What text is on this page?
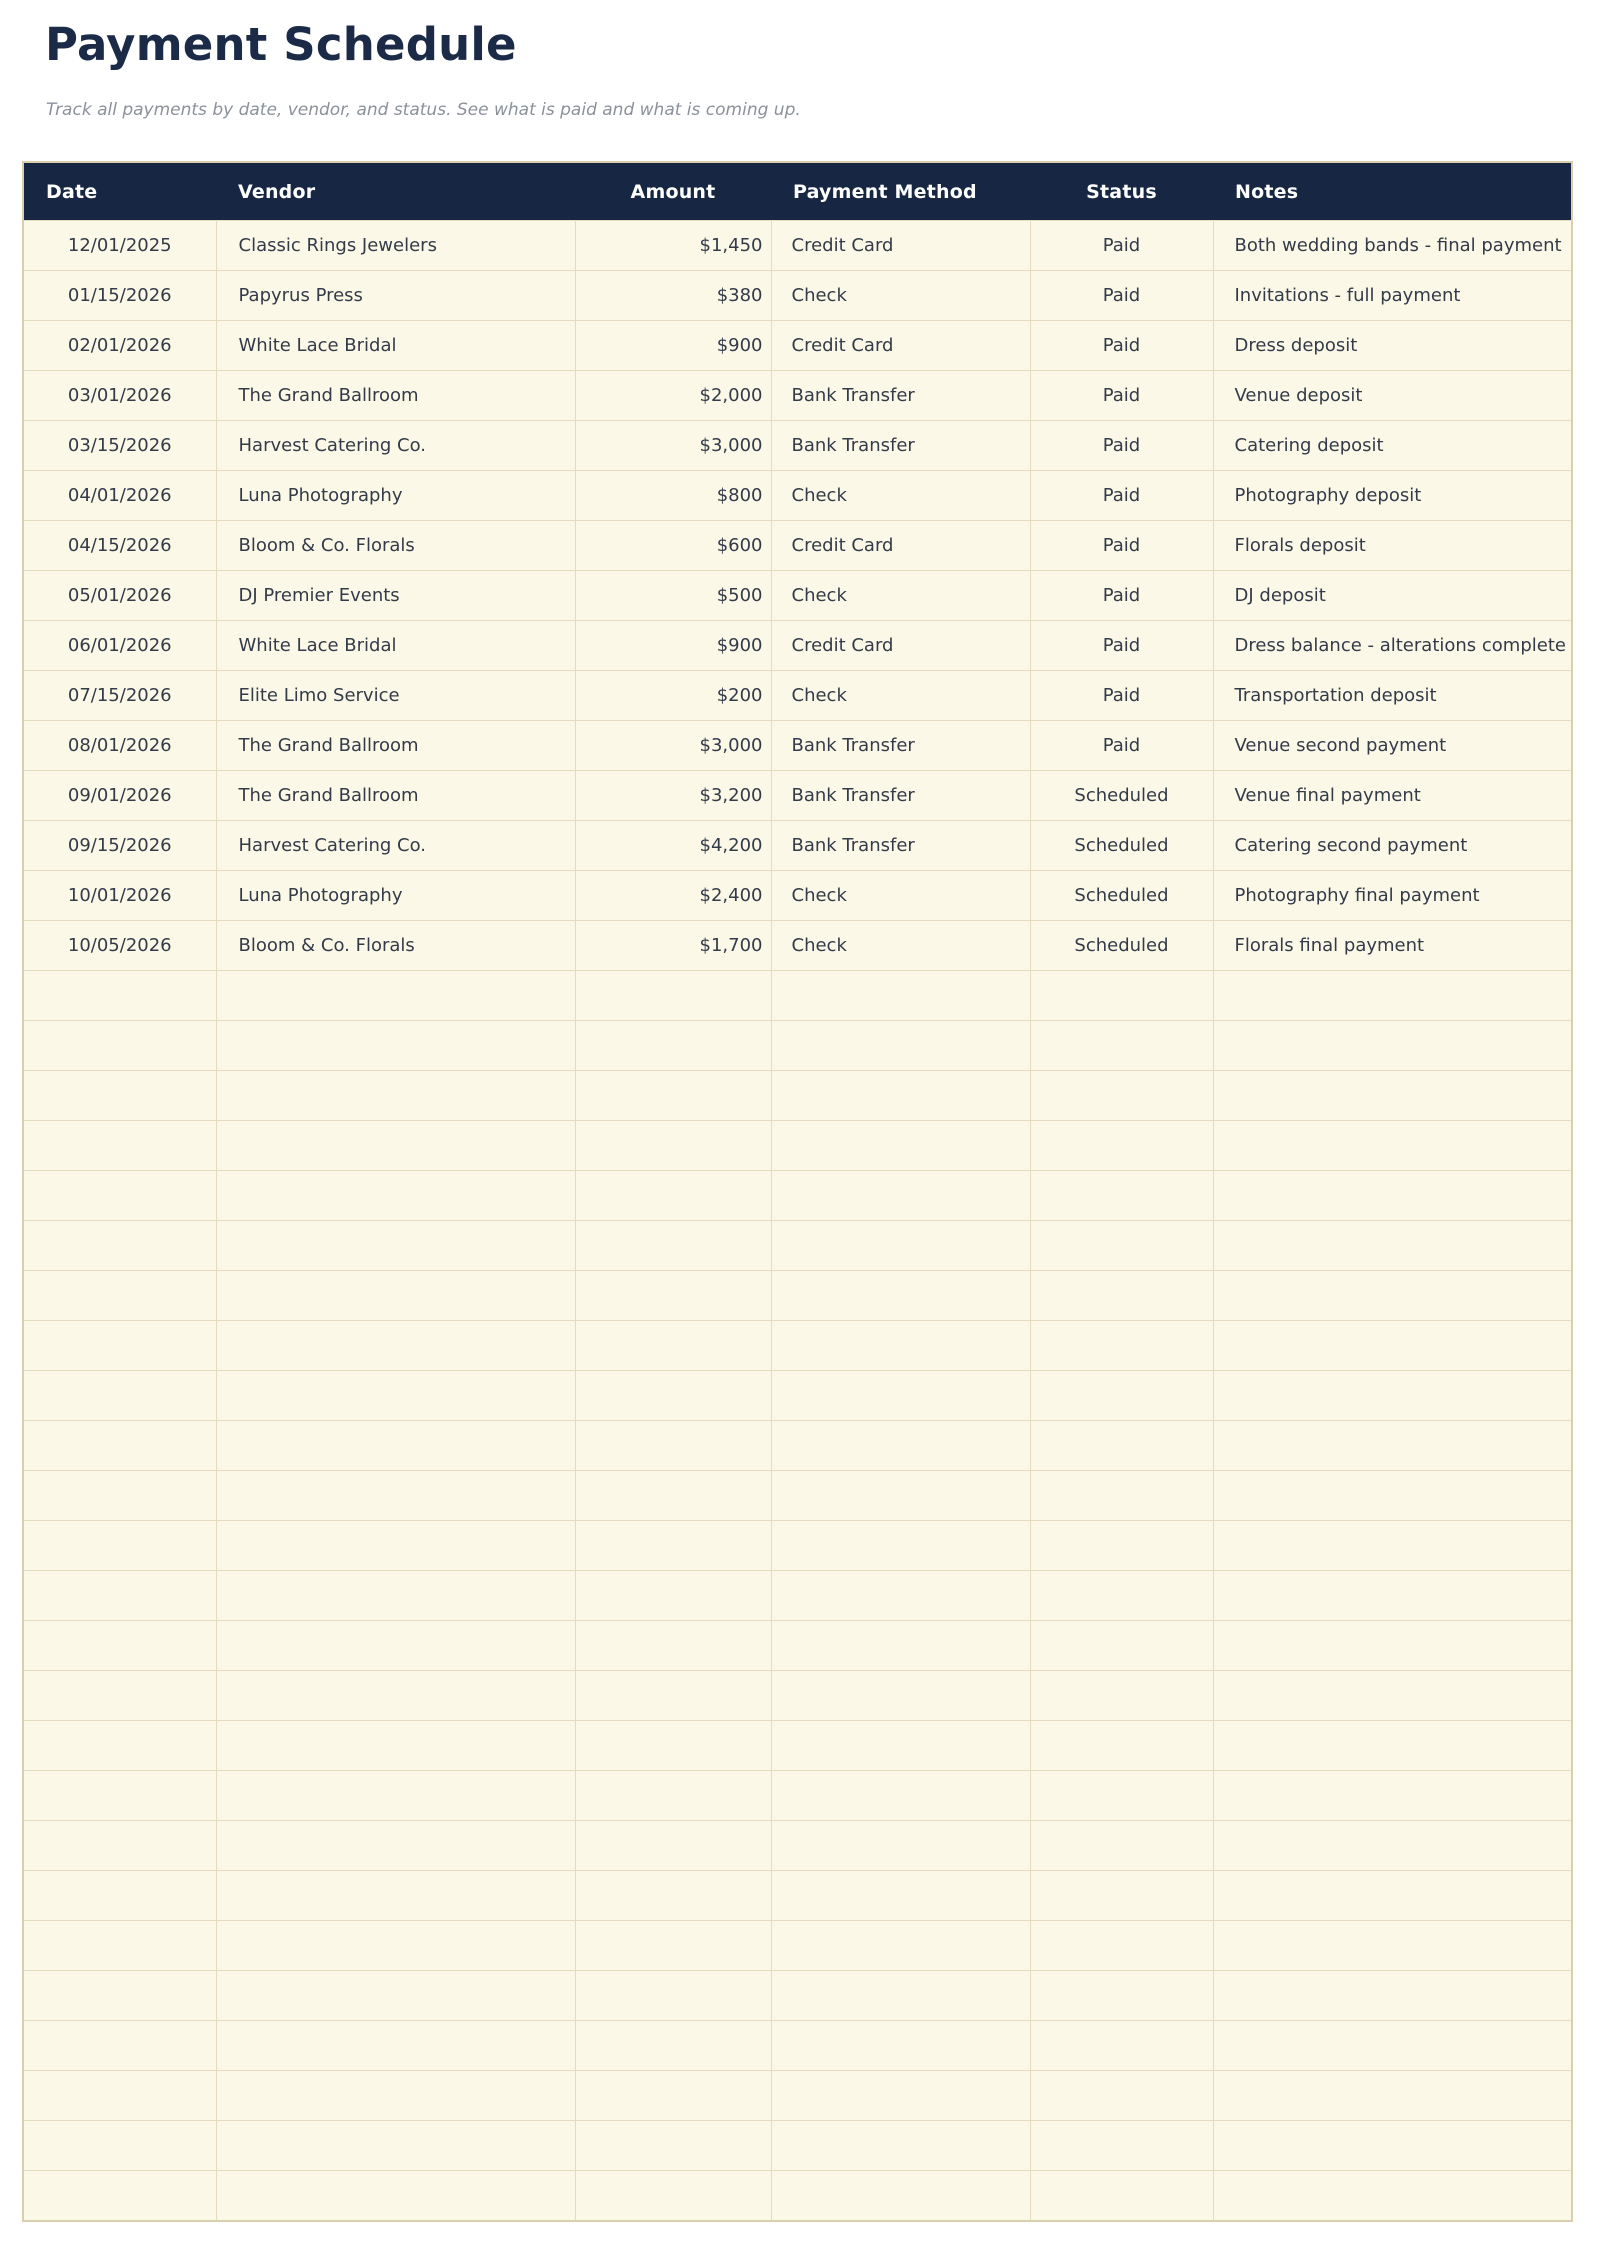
Payment Schedule

Track all payments by date, vendor, and status. See what is paid and what is coming up.

Date	Vendor	Amount	Payment Method	Status	Notes
12/01/2025	Classic Rings Jewelers	$1,450	Credit Card	Paid	Both wedding bands - final payment
01/15/2026	Papyrus Press	$380	Check	Paid	Invitations - full payment
02/01/2026	White Lace Bridal	$900	Credit Card	Paid	Dress deposit
03/01/2026	The Grand Ballroom	$2,000	Bank Transfer	Paid	Venue deposit
03/15/2026	Harvest Catering Co.	$3,000	Bank Transfer	Paid	Catering deposit
04/01/2026	Luna Photography	$800	Check	Paid	Photography deposit
04/15/2026	Bloom & Co. Florals	$600	Credit Card	Paid	Florals deposit
05/01/2026	DJ Premier Events	$500	Check	Paid	DJ deposit
06/01/2026	White Lace Bridal	$900	Credit Card	Paid	Dress balance - alterations complete
07/15/2026	Elite Limo Service	$200	Check	Paid	Transportation deposit
08/01/2026	The Grand Ballroom	$3,000	Bank Transfer	Paid	Venue second payment
09/01/2026	The Grand Ballroom	$3,200	Bank Transfer	Scheduled	Venue final payment
09/15/2026	Harvest Catering Co.	$4,200	Bank Transfer	Scheduled	Catering second payment
10/01/2026	Luna Photography	$2,400	Check	Scheduled	Photography final payment
10/05/2026	Bloom & Co. Florals	$1,700	Check	Scheduled	Florals final payment
